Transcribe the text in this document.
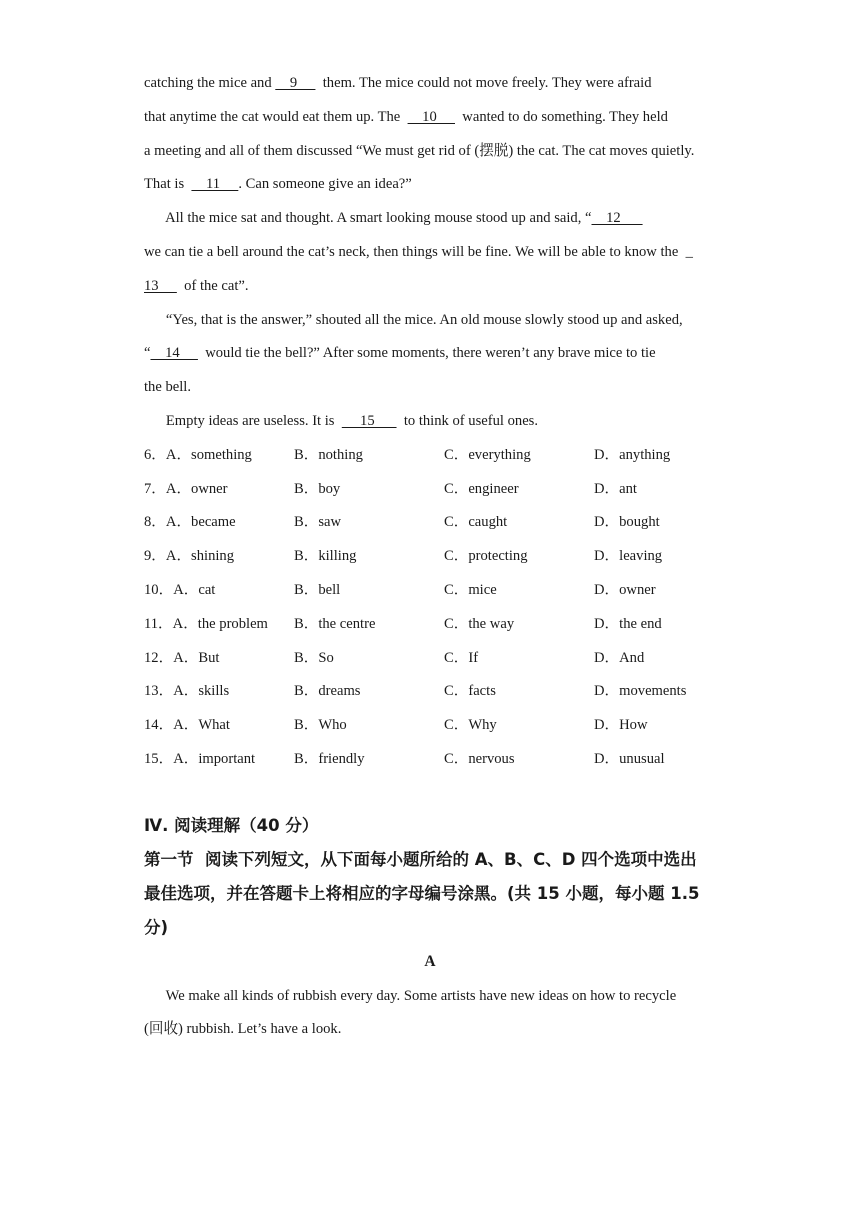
catching the mice and     9       them. The mice could not move freely. They were afraid
that anytime the cat would eat them up. The      10       wanted to do something. They held
a meeting and all of them discussed “We must get rid of (摆脱) the cat. The cat moves quietly.
That is      11     . Can someone give an idea?”
All the mice sat and thought. A smart looking mouse stood up and said, “    12
we can tie a bell around the cat’s neck, then things will be fine. We will be able to know the  _
13       of the cat”.
“Yes, that is the answer,” shouted all the mice. An old mouse slowly stood up and asked,
“    14       would tie the bell?” After some moments, there weren’t any brave mice to tie
the bell.
Empty ideas are useless. It is       15        to think of useful ones.
6．A．something	B．nothing	C．everything	D．anything
7．A．owner	B．boy	C．engineer	D．ant
8．A．became	B．saw	C．caught	D．bought
9．A．shining	B．killing	C．protecting	D．leaving
10．A．cat	B．bell	C．mice	D．owner
11．A．the problem B．the centre	C．the way	D．the end
12．A．But	B．So	C．If	D．And
13．A．skills	B．dreams	C．facts	D．movements
14．A．What	B．Who	C．Why	D．How
15．A．important	B．friendly	C．nervous	D．unusual
Ⅳ. 阅读理解（40 分）
第一节  阅读下列短文，从下面每小题所给的 A、B、C、D 四个选项中选出
最佳选项，并在答题卡上将相应的字母编号涂黑。(共 15 小题，每小题 1.5
分)
A
We make all kinds of rubbish every day. Some artists have new ideas on how to recycle
(回收) rubbish. Let’s have a look.
